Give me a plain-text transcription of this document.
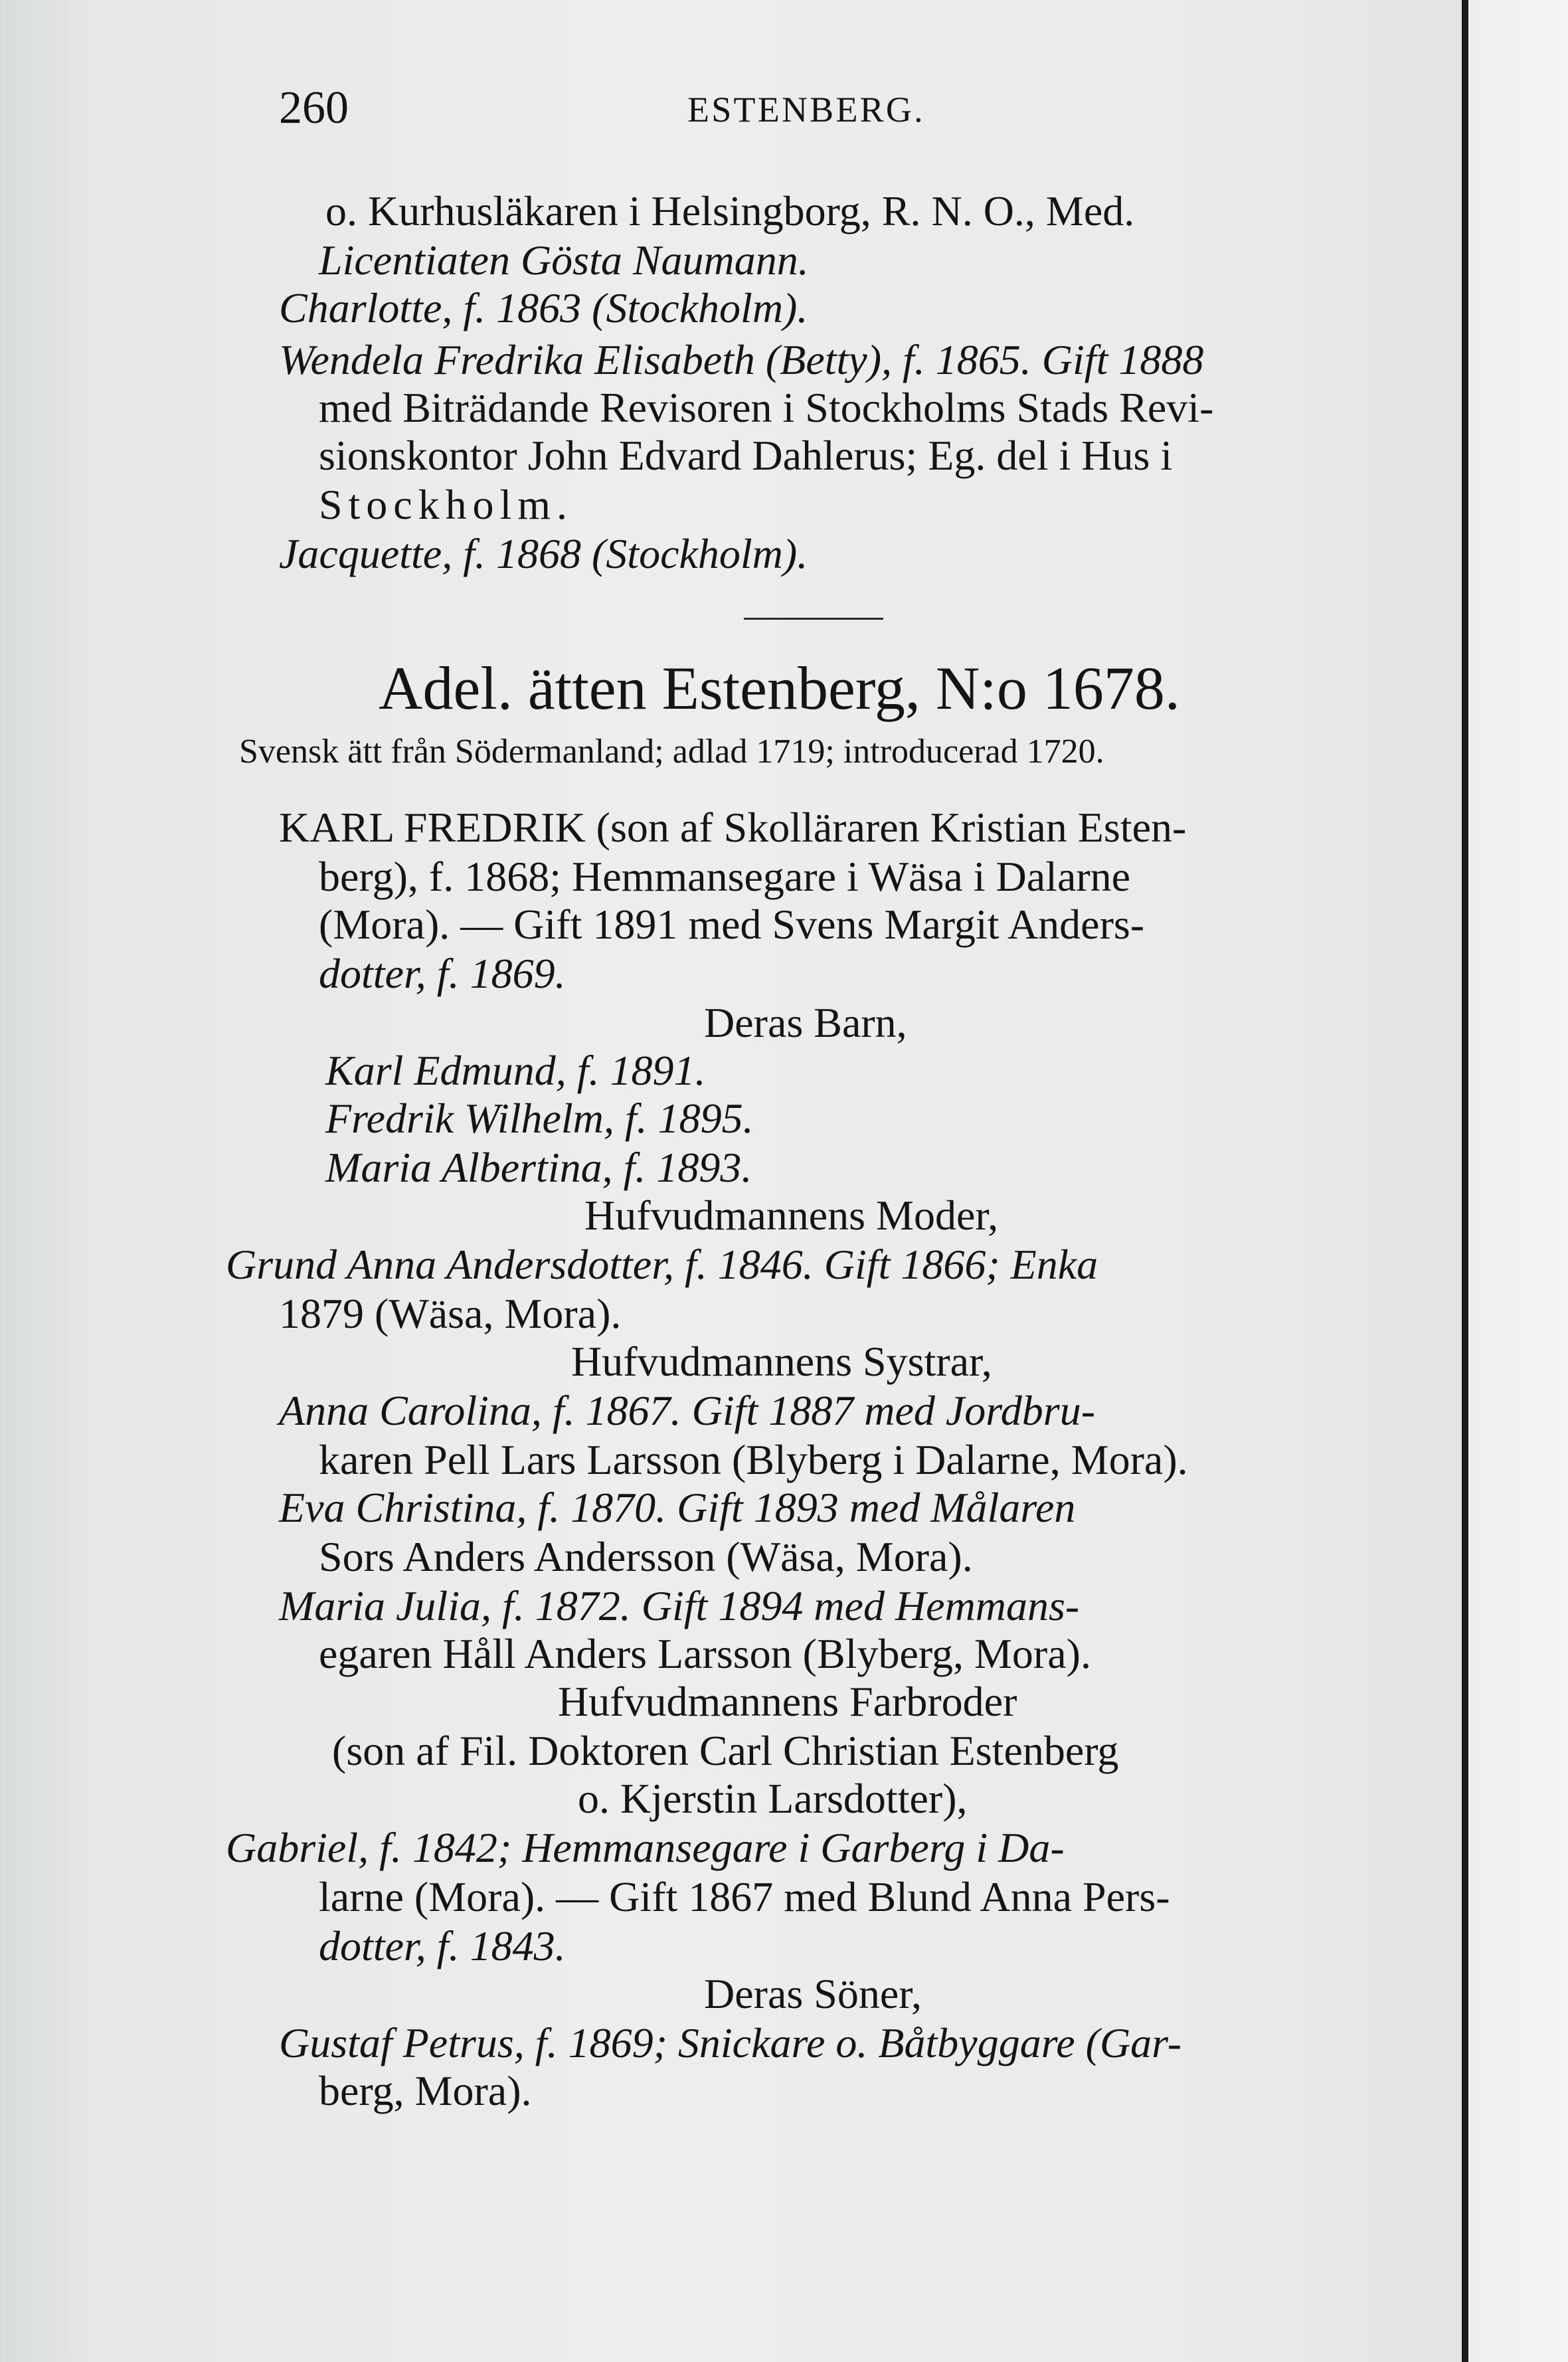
260	ESTENBERG.
o. Kurhusläkaren i Helsingborg, R. N. O., Med.
Licentiaten Gösta Naumann.
Charlotte, f. 1863 (Stockholm).
Wendela Fredrika Elisabeth (Betty), f. 1865. Gift 1888
med Biträdande Revisoren i Stockholms Stads Revi-
sionskontor John Edvard Dahlerus; Eg. del i Hus i
Stockholm.
Jacquette, f. 1868 (Stockholm).
Adel. ätten Estenberg, N:o 1678.
Svensk ätt från Södermanland; adlad 1719; introducerad 1720.
KARL FREDRIK (son af Skolläraren Kristian Esten-
berg), f. 1868; Hemmansegare i Wäsa i Dalarne
(Mora). — Gift 1891 med Svens Margit Anders-
dotter, f. 1869.
Deras Barn,
Karl Edmund, f. 1891.
Fredrik Wilhelm, f. 1895.
Maria Albertina, f. 1893.
Hufvudmannens Moder,
Grund Anna Andersdotter, f. 1846. Gift 1866; Enka
1879 (Wäsa, Mora).
Hufvudmannens Systrar,
Anna Carolina, f. 1867. Gift 1887 med Jordbru-
karen Pell Lars Larsson (Blyberg i Dalarne, Mora).
Eva Christina, f. 1870. Gift 1893 med Målaren
Sors Anders Andersson (Wäsa, Mora).
Maria Julia, f. 1872. Gift 1894 med Hemmans-
egaren Håll Anders Larsson (Blyberg, Mora).
Hufvudmannens Farbroder
(son af Fil. Doktoren Carl Christian Estenberg
o. Kjerstin Larsdotter),
Gabriel, f. 1842; Hemmansegare i Garberg i Da-
larne (Mora). — Gift 1867 med Blund Anna Pers-
dotter, f. 1843.
Deras Söner,
Gustaf Petrus, f. 1869; Snickare o. Båtbyggare (Gar-
berg, Mora).
